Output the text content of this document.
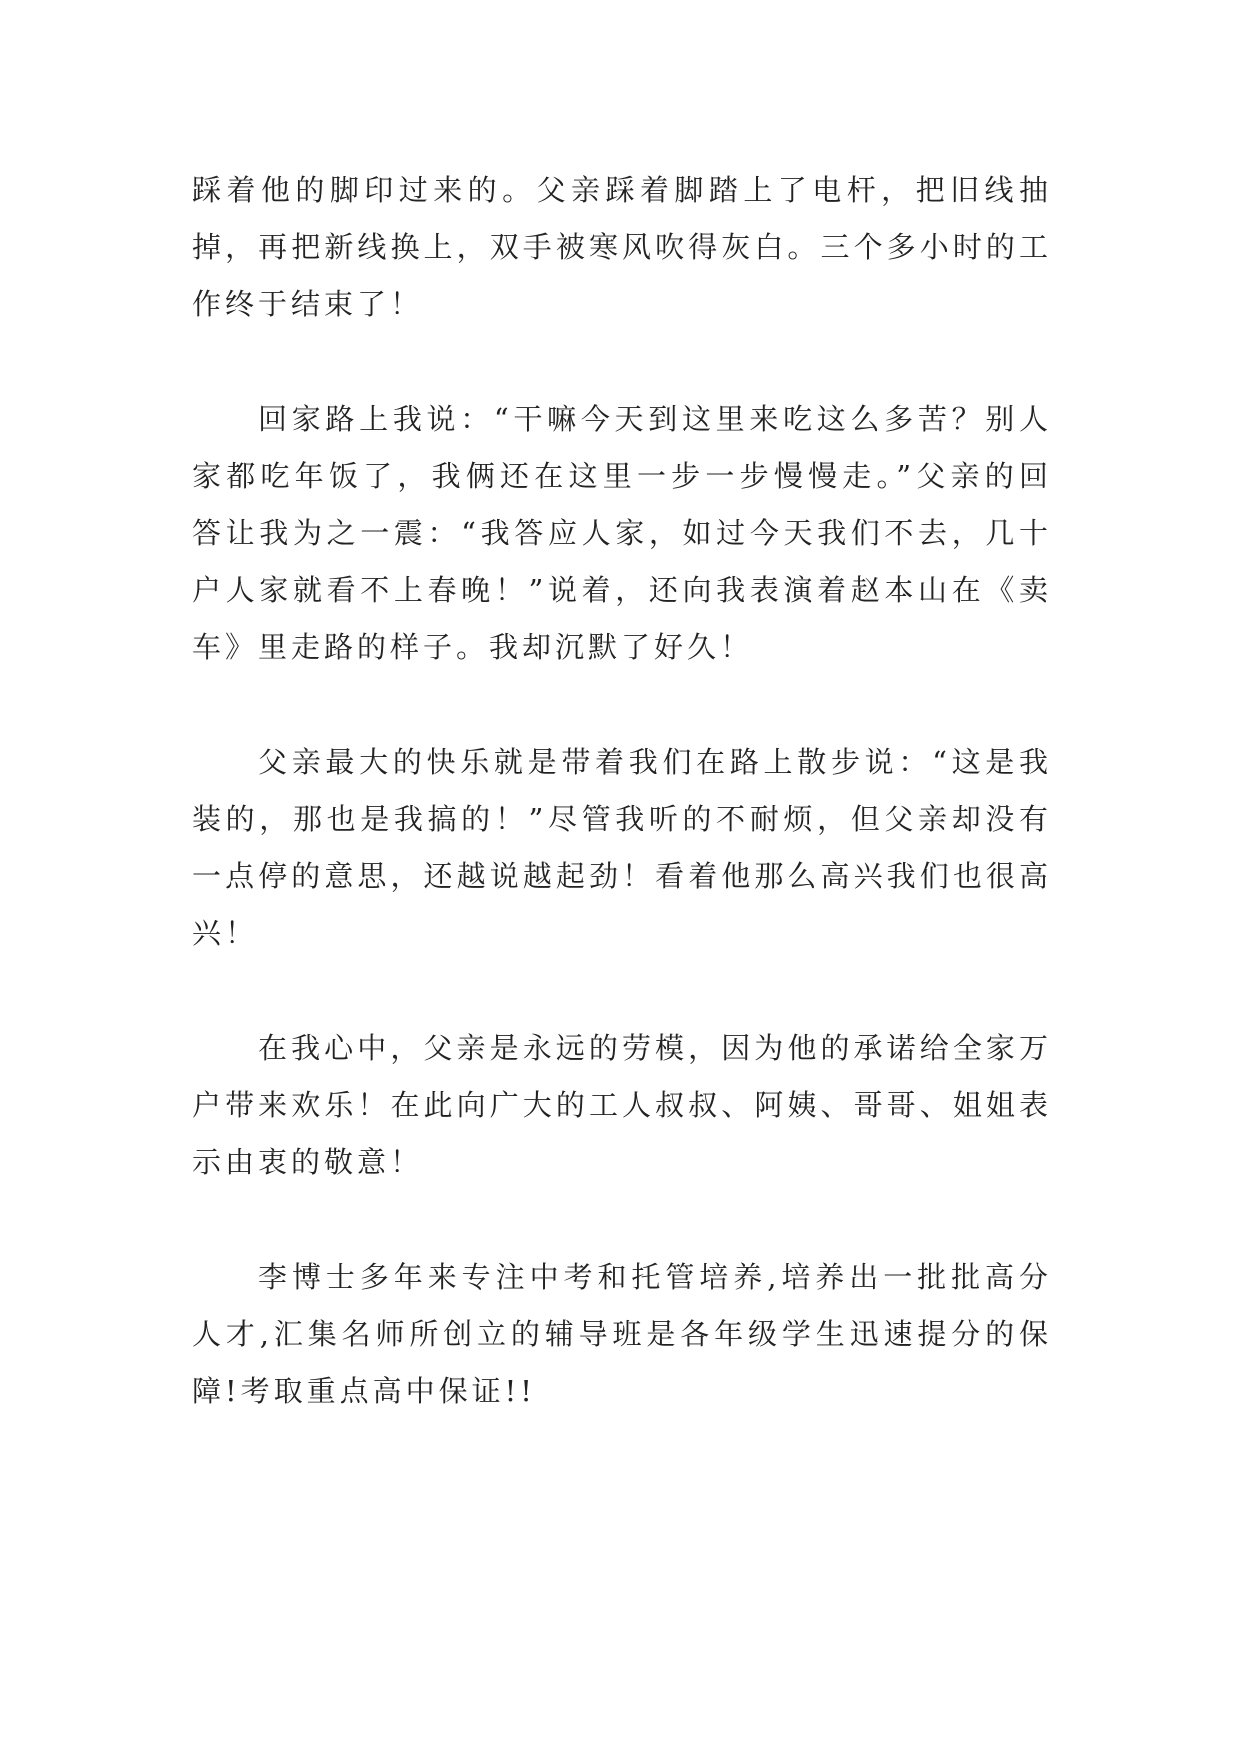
踩着他的脚印过来的。父亲踩着脚踏上了电杆，把旧线抽掉，再把新线换上，双手被寒风吹得灰白。三个多小时的工作终于结束了！

回家路上我说：“干嘛今天到这里来吃这么多苦？别人家都吃年饭了，我俩还在这里一步一步慢慢走。”父亲的回答让我为之一震：“我答应人家，如过今天我们不去，几十户人家就看不上春晚！”说着，还向我表演着赵本山在《卖车》里走路的样子。我却沉默了好久！

父亲最大的快乐就是带着我们在路上散步说：“这是我装的，那也是我搞的！”尽管我听的不耐烦，但父亲却没有一点停的意思，还越说越起劲！看着他那么高兴我们也很高兴！

在我心中，父亲是永远的劳模，因为他的承诺给全家万户带来欢乐！在此向广大的工人叔叔、阿姨、哥哥、姐姐表示由衷的敬意！

李博士多年来专注中考和托管培养,培养出一批批高分人才,汇集名师所创立的辅导班是各年级学生迅速提分的保障!考取重点高中保证!!
